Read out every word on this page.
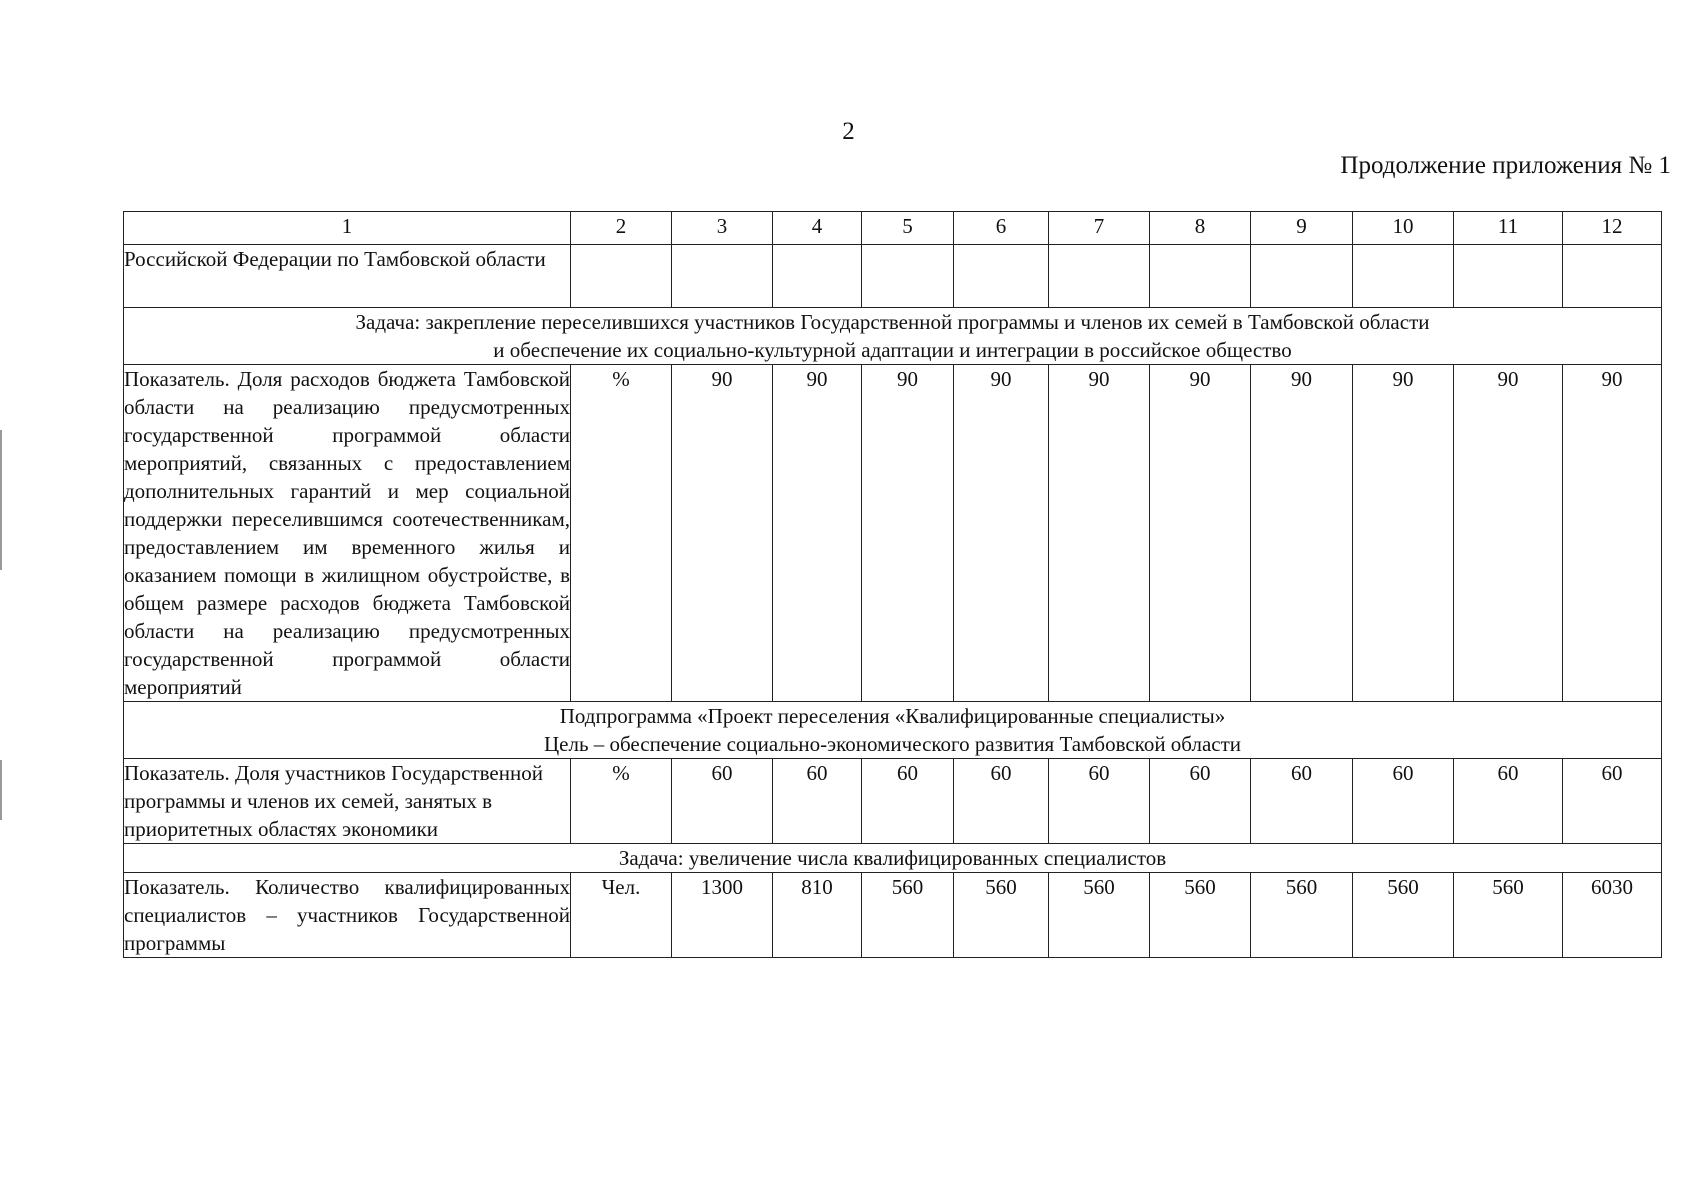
2
Продолжение приложения № 1
1	2	3	4	5	6	7	8	9	10	11	12
Российской Федерации по Тамбовской области											

Задача: закрепление переселившихся участников Государственной программы и членов их семей в Тамбовской области
и обеспечение их социально-культурной адаптации и интеграции в российское общество											

Показатель. Доля расходов бюджета Тамбовской области на реализацию предусмотренных государственной программой области мероприятий, связанных с предоставлением дополнительных гарантий и мер социальной поддержки переселившимся соотечественникам, предоставлением им временного жилья и оказанием помощи в жилищном обустройстве, в общем размере расходов бюджета Тамбовской области на реализацию предусмотренных государственной программой области мероприятий	%	90	90	90	90	90	90	90	90	90	90

Подпрограмма «Проект переселения «Квалифицированные специалисты»
Цель – обеспечение социально-экономического развития Тамбовской области											

Показатель. Доля участников Государственной программы и членов их семей, занятых в приоритетных областях экономики	%	60	60	60	60	60	60	60	60	60	60
Задача: увеличение числа квалифицированных специалистов											
Показатель. Количество квалифицированных специалистов – участников Государственной программы	Чел.	1300	810	560	560	560	560	560	560	560	6030
